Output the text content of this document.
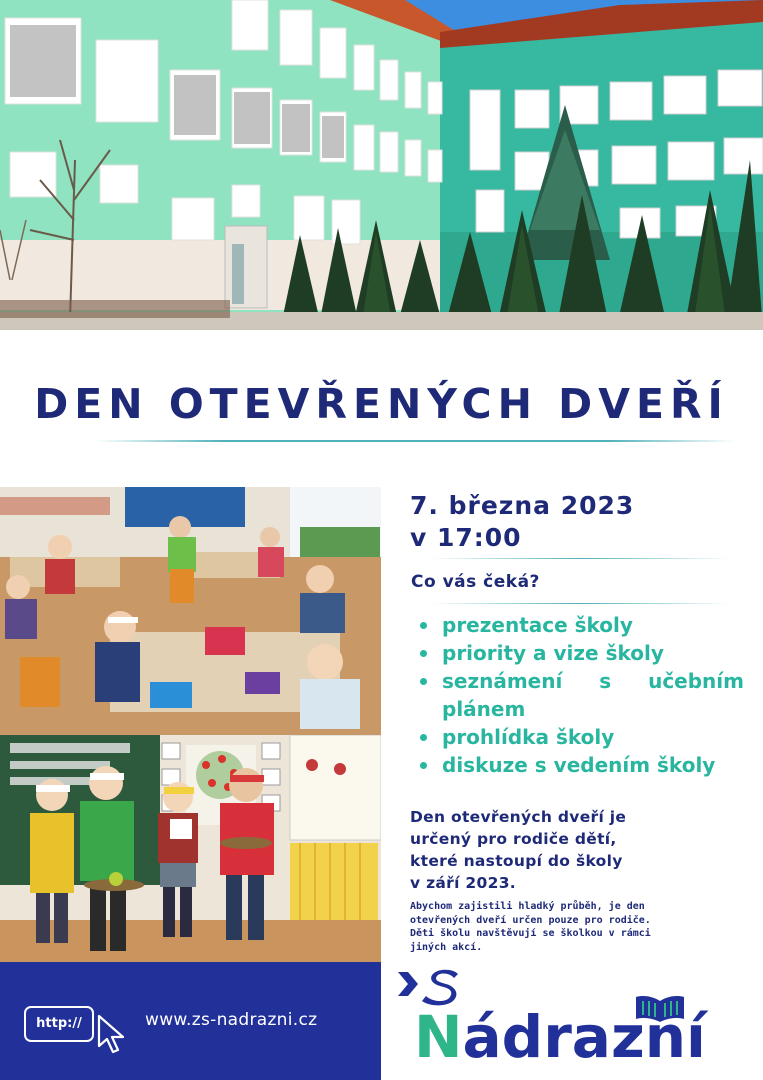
DEN OTEVŘENÝCH DVEŘÍ
7. března 2023
v 17:00
Co vás čeká?
prezentace školy
priority a vize školy
seznámení s učebním plánem
prohlídka školy
diskuze s vedením školy
Den otevřených dveří je
určený pro rodiče dětí,
které nastoupí do školy
v září 2023.
Abychom zajistili hladký průběh, je den
otevřených dveří určen pouze pro rodiče.
Děti školu navštěvují se školkou v rámci
jiných akcí.
http://	www.zs-nadrazni.cz Nádrazní
